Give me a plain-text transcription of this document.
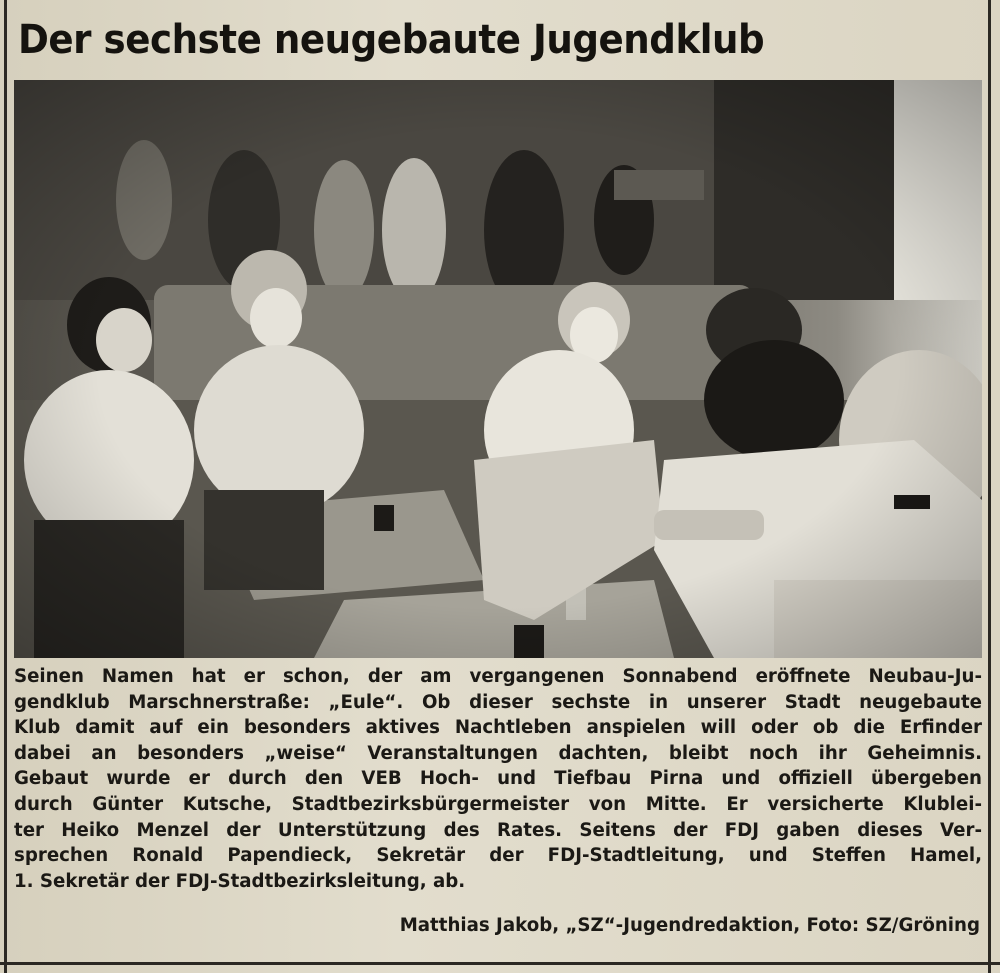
Der sechste neugebaute Jugendklub
Seinen Namen hat er schon, der am vergangenen Sonnabend eröffnete Neubau-Ju-
gendklub Marschnerstraße: „Eule“. Ob dieser sechste in unserer Stadt neugebaute
Klub damit auf ein besonders aktives Nachtleben anspielen will oder ob die Erfinder
dabei an besonders „weise“ Veranstaltungen dachten, bleibt noch ihr Geheimnis.
Gebaut wurde er durch den VEB Hoch- und Tiefbau Pirna und offiziell übergeben
durch Günter Kutsche, Stadtbezirksbürgermeister von Mitte. Er versicherte Klublei-
ter Heiko Menzel der Unterstützung des Rates. Seitens der FDJ gaben dieses Ver-
sprechen Ronald Papendieck, Sekretär der FDJ-Stadtleitung, und Steffen Hamel,
1. Sekretär der FDJ-Stadtbezirksleitung, ab.
Matthias Jakob, „SZ“-Jugendredaktion, Foto: SZ/Gröning
